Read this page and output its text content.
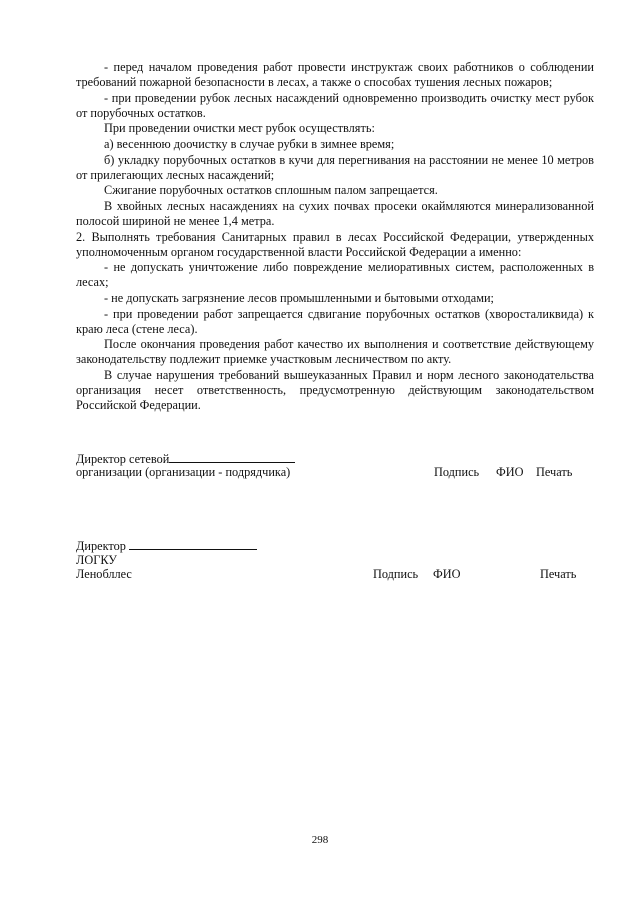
- перед началом проведения работ провести инструктаж своих работников о соблюдении требований пожарной безопасности в лесах, а также о способах тушения лесных пожаров;

- при проведении рубок лесных насаждений одновременно производить очистку мест рубок от порубочных остатков.

При проведении очистки мест рубок осуществлять:

а) весеннюю доочистку в случае рубки в зимнее время;

б) укладку порубочных остатков в кучи для перегнивания на расстоянии не менее 10 метров от прилегающих лесных насаждений;

Сжигание порубочных остатков сплошным палом запрещается.

В хвойных лесных насаждениях на сухих почвах просеки окаймляются минерализованной полосой шириной не менее 1,4 метра.

2. Выполнять требования Санитарных правил в лесах Российской Федерации, утвержденных уполномоченным органом государственной власти Российской Федерации а именно:

- не допускать уничтожение либо повреждение мелиоративных систем, расположенных в лесах;

- не допускать загрязнение лесов промышленными и бытовыми отходами;

- при проведении работ запрещается сдвигание порубочных остатков (хворосталиквида) к краю леса (стене леса).

После окончания проведения работ качество их выполнения и соответствие действующему законодательству подлежит приемке участковым лесничеством по акту.

В случае нарушения требований вышеуказанных Правил и норм лесного законодательства организация несет ответственность, предусмотренную действующим законодательством Российской Федерации.

Директор сетевой
организации (организации - подрядчика)	Подпись ФИО Печать
Директор
ЛОГКУ
Ленобллес	Подпись ФИО	Печать
298
